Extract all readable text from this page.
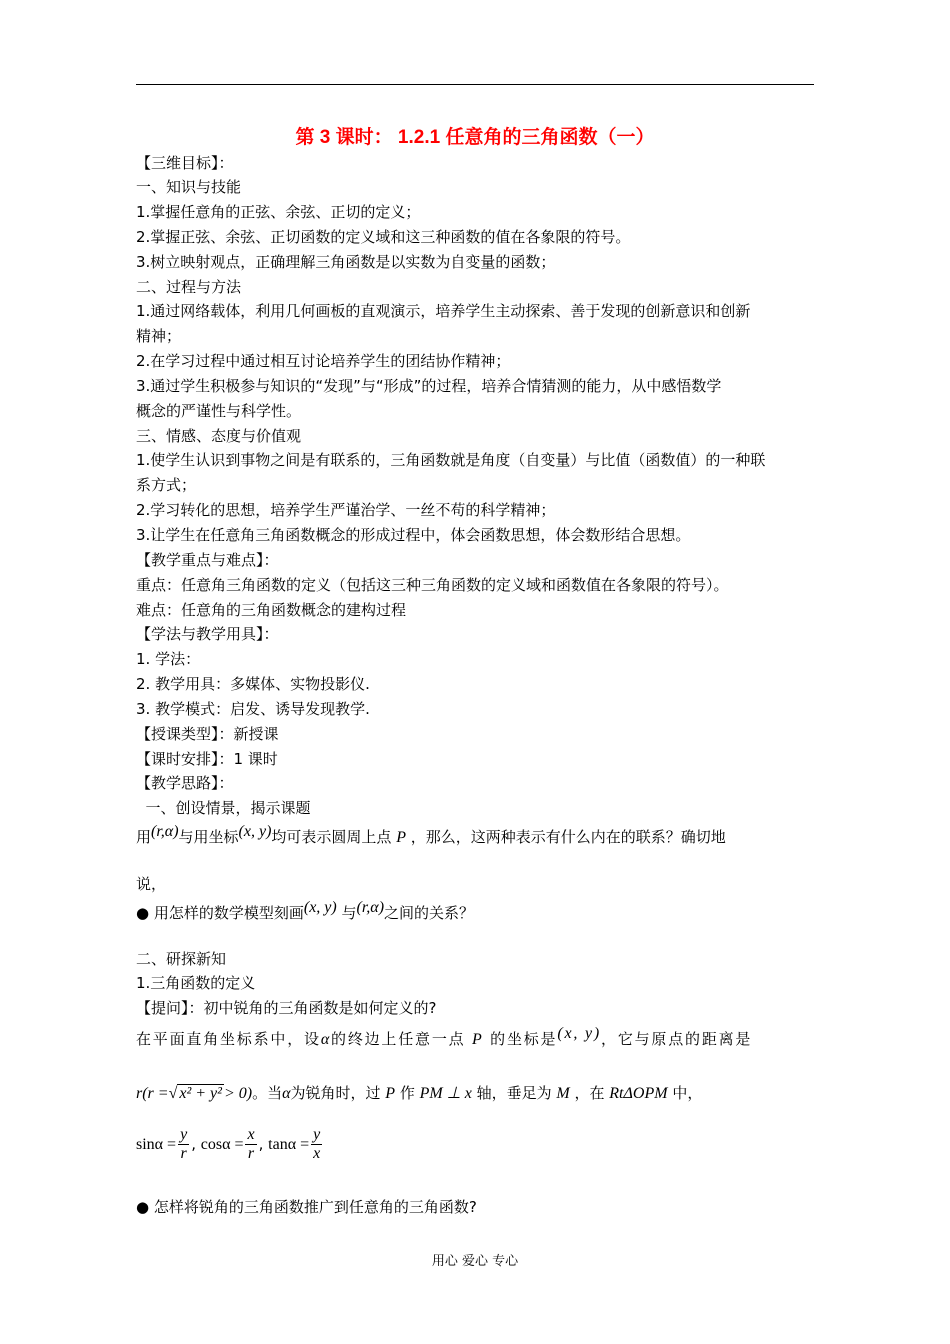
第 3 课时： 1.2.1 任意角的三角函数（一）
【三维目标】：
一、知识与技能
1.掌握任意角的正弦、余弦、正切的定义；
2.掌握正弦、余弦、正切函数的定义域和这三种函数的值在各象限的符号。
3.树立映射观点，正确理解三角函数是以实数为自变量的函数；
二、过程与方法
1.通过网络载体，利用几何画板的直观演示，培养学生主动探索、善于发现的创新意识和创新
精神；
2.在学习过程中通过相互讨论培养学生的团结协作精神；
3.通过学生积极参与知识的“发现”与“形成”的过程，培养合情猜测的能力，从中感悟数学
概念的严谨性与科学性。
三、情感、态度与价值观
1.使学生认识到事物之间是有联系的，三角函数就是角度（自变量）与比值（函数值）的一种联
系方式；
2.学习转化的思想，培养学生严谨治学、一丝不苟的科学精神；
3.让学生在任意角三角函数概念的形成过程中，体会函数思想，体会数形结合思想。
【教学重点与难点】：
重点：任意角三角函数的定义（包括这三种三角函数的定义域和函数值在各象限的符号）。
难点：任意角的三角函数概念的建构过程
【学法与教学用具】：
1. 学法：
2. 教学用具：多媒体、实物投影仪.
3. 教学模式：启发、诱导发现教学.
【授课类型】：新授课
【课时安排】：1 课时
【教学思路】：
一、创设情景，揭示课题
用(r,α)与用坐标(x, y)均可表示圆周上点 P ，那么，这两种表示有什么内在的联系？确切地
说，
● 用怎样的数学模型刻画(x, y) 与(r,α)之间的关系？
二、研探新知
1.三角函数的定义
【提问】：初中锐角的三角函数是如何定义的?
在平面直角坐标系中，设α的终边上任意一点 P 的坐标是(x, y)，它与原点的距离是
r(r =√ x² + y² > 0)。当α为锐角时，过 P 作 PM ⊥ x 轴，垂足为 M ，在 RtΔOPM 中，
$\sin\alpha = \frac{y}{r}$ , $\cos\alpha = \frac{x}{r}$ , $\tan\alpha = \frac{y}{x}$
● 怎样将锐角的三角函数推广到任意角的三角函数?
用心 爱心 专心
